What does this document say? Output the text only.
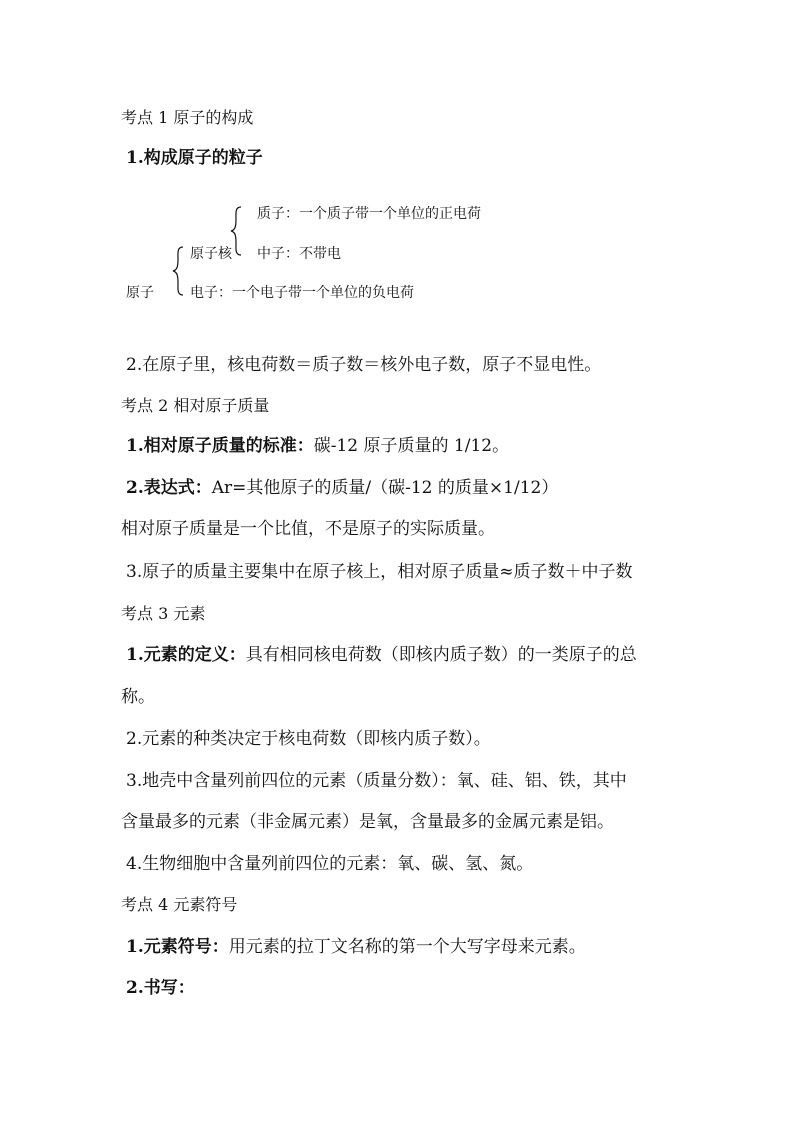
考点 1 原子的构成
1.构成原子的粒子
质子：一个质子带一个单位的正电荷
原子核 中子：不带电
原子	电子：一个电子带一个单位的负电荷
2.在原子里，核电荷数＝质子数＝核外电子数，原子不显电性。
考点 2 相对原子质量
1.相对原子质量的标准：碳-12 原子质量的 1/12。
2.表达式：Ar=其他原子的质量/（碳-12 的质量×1/12）
相对原子质量是一个比值，不是原子的实际质量。
3.原子的质量主要集中在原子核上，相对原子质量≈质子数＋中子数
考点 3 元素
1.元素的定义：具有相同核电荷数（即核内质子数）的一类原子的总
称。
2.元素的种类决定于核电荷数（即核内质子数）。
3.地壳中含量列前四位的元素（质量分数）：氧、硅、铝、铁，其中
含量最多的元素（非金属元素）是氧，含量最多的金属元素是铝。
4.生物细胞中含量列前四位的元素：氧、碳、氢、氮。
考点 4 元素符号
1.元素符号：用元素的拉丁文名称的第一个大写字母来元素。
2.书写：
